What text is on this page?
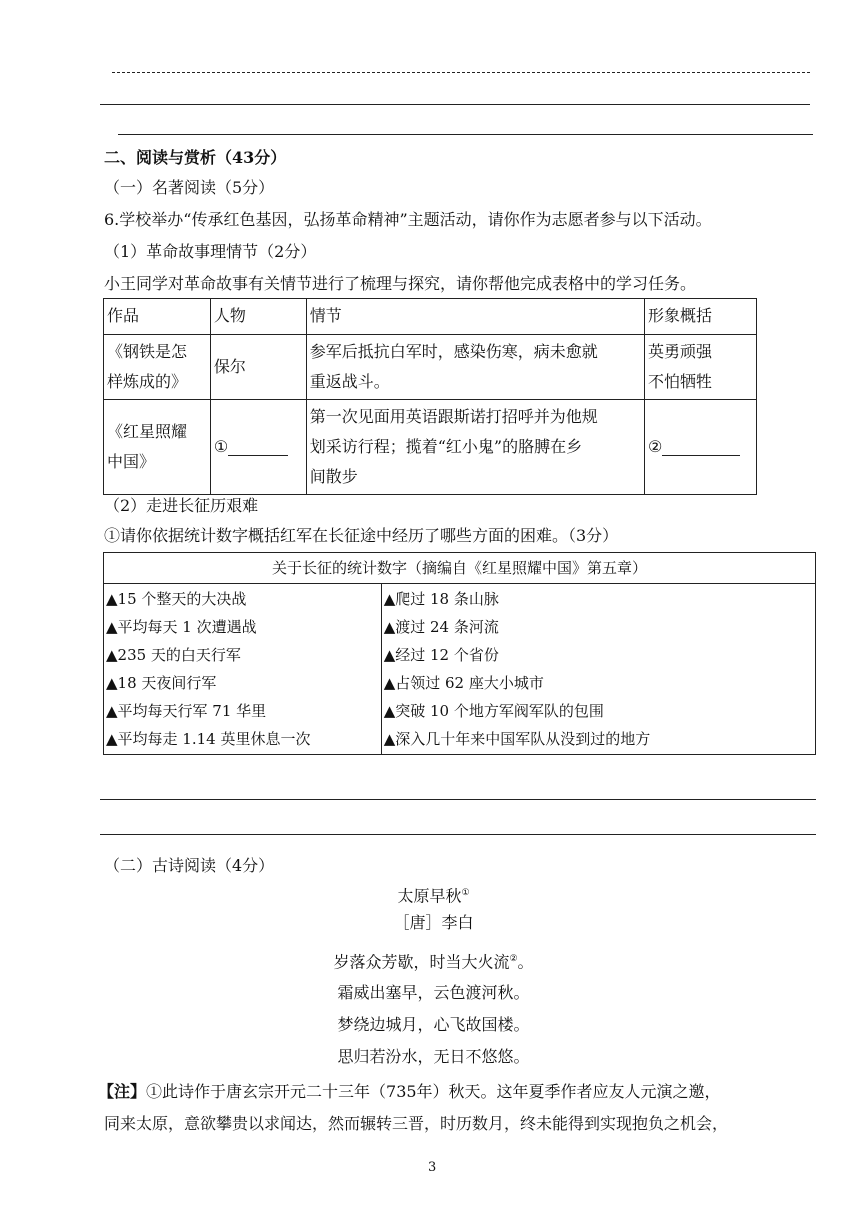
二、阅读与赏析（43分）
（一）名著阅读（5分）
6.学校举办“传承红色基因，弘扬革命精神”主题活动，请你作为志愿者参与以下活动。
（1）革命故事理情节（2分）
小王同学对革命故事有关情节进行了梳理与探究，请你帮他完成表格中的学习任务。
作品	人物	情节	形象概括
《钢铁是怎
样炼成的》	保尔	参军后抵抗白军时，感染伤寒，病未愈就
重返战斗。	英勇顽强
不怕牺牲
《红星照耀
中国》	①	第一次见面用英语跟斯诺打招呼并为他规
划采访行程；揽着“红小鬼”的胳膊在乡
间散步	②
（2）走进长征历艰难
①请你依据统计数字概括红军在长征途中经历了哪些方面的困难。（3分）
关于长征的统计数字（摘编自《红星照耀中国》第五章）

▲15 个整天的大决战
▲平均每天 1 次遭遇战
▲235 天的白天行军
▲18 天夜间行军
▲平均每天行军 71 华里
▲平均每走 1.14 英里休息一次

▲爬过 18 条山脉
▲渡过 24 条河流
▲经过 12 个省份
▲占领过 62 座大小城市
▲突破 10 个地方军阀军队的包围
▲深入几十年来中国军队从没到过的地方
（二）古诗阅读（4分）
太原早秋①
［唐］李白
岁落众芳歇，时当大火流②。
霜威出塞早，云色渡河秋。
梦绕边城月，心飞故国楼。
思归若汾水，无日不悠悠。
【注】①此诗作于唐玄宗开元二十三年（735年）秋天。这年夏季作者应友人元演之邀，
同来太原，意欲攀贵以求闻达，然而辗转三晋，时历数月，终未能得到实现抱负之机会，
3
